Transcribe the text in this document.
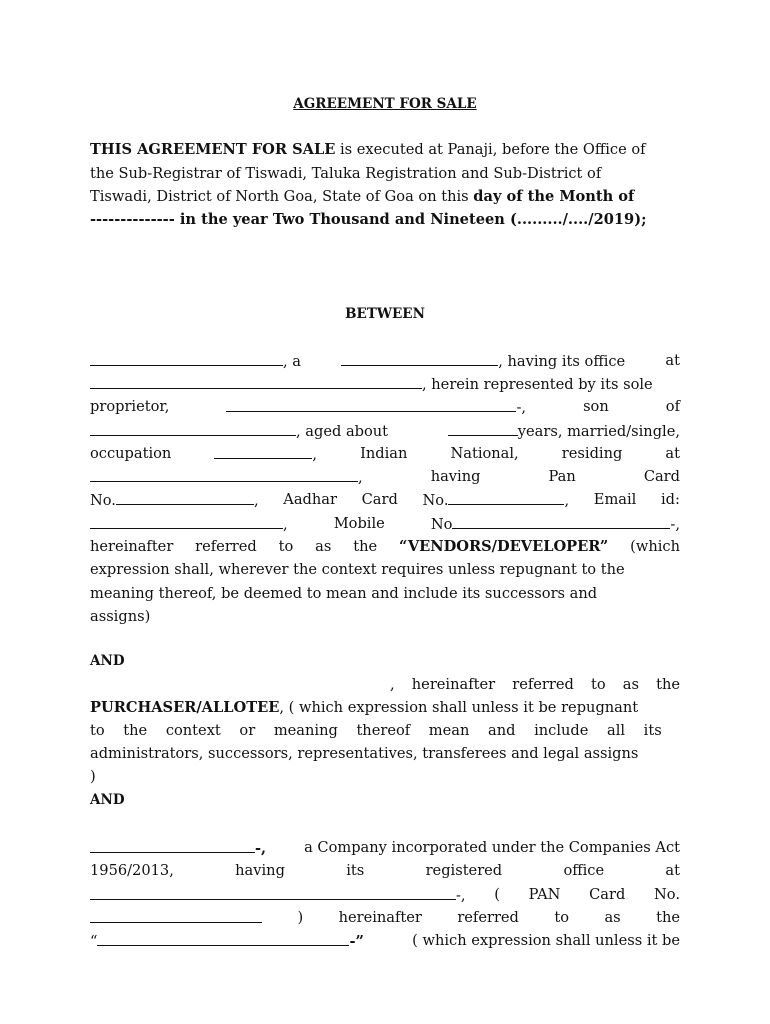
AGREEMENT FOR SALE
THIS AGREEMENT FOR SALE is executed at Panaji, before the Office of
the Sub-Registrar of Tiswadi, Taluka Registration and Sub-District of
Tiswadi, District of North Goa, State of Goa on this day of the Month of
-------------- in the year Two Thousand and Nineteen (........./..../2019);
BETWEEN
, a	, having its office	at
, herein represented by its sole
proprietor,	-,	son	of
, aged about	years, married/single,
occupation	,	Indian	National,	residing	at
,	having	Pan	Card
No.	, Aadhar Card No.	, Email id:
,	Mobile	No	-,
hereinafter referred to as the “VENDORS/DEVELOPER” (which
expression shall, wherever the context requires unless repugnant to the
meaning thereof, be deemed to mean and include its successors and
assigns)
AND
, hereinafter referred to as the
PURCHASER/ALLOTEE, ( which expression shall unless it be repugnant
to the context or meaning thereof mean and include all its
administrators, successors, representatives, transferees and legal assigns
)
AND
-,	a Company incorporated under the Companies Act
1956/2013,	having	its	registered	office	at
-, ( PAN Card No.
) hereinafter referred to as the
“	-”	( which expression shall unless it be
